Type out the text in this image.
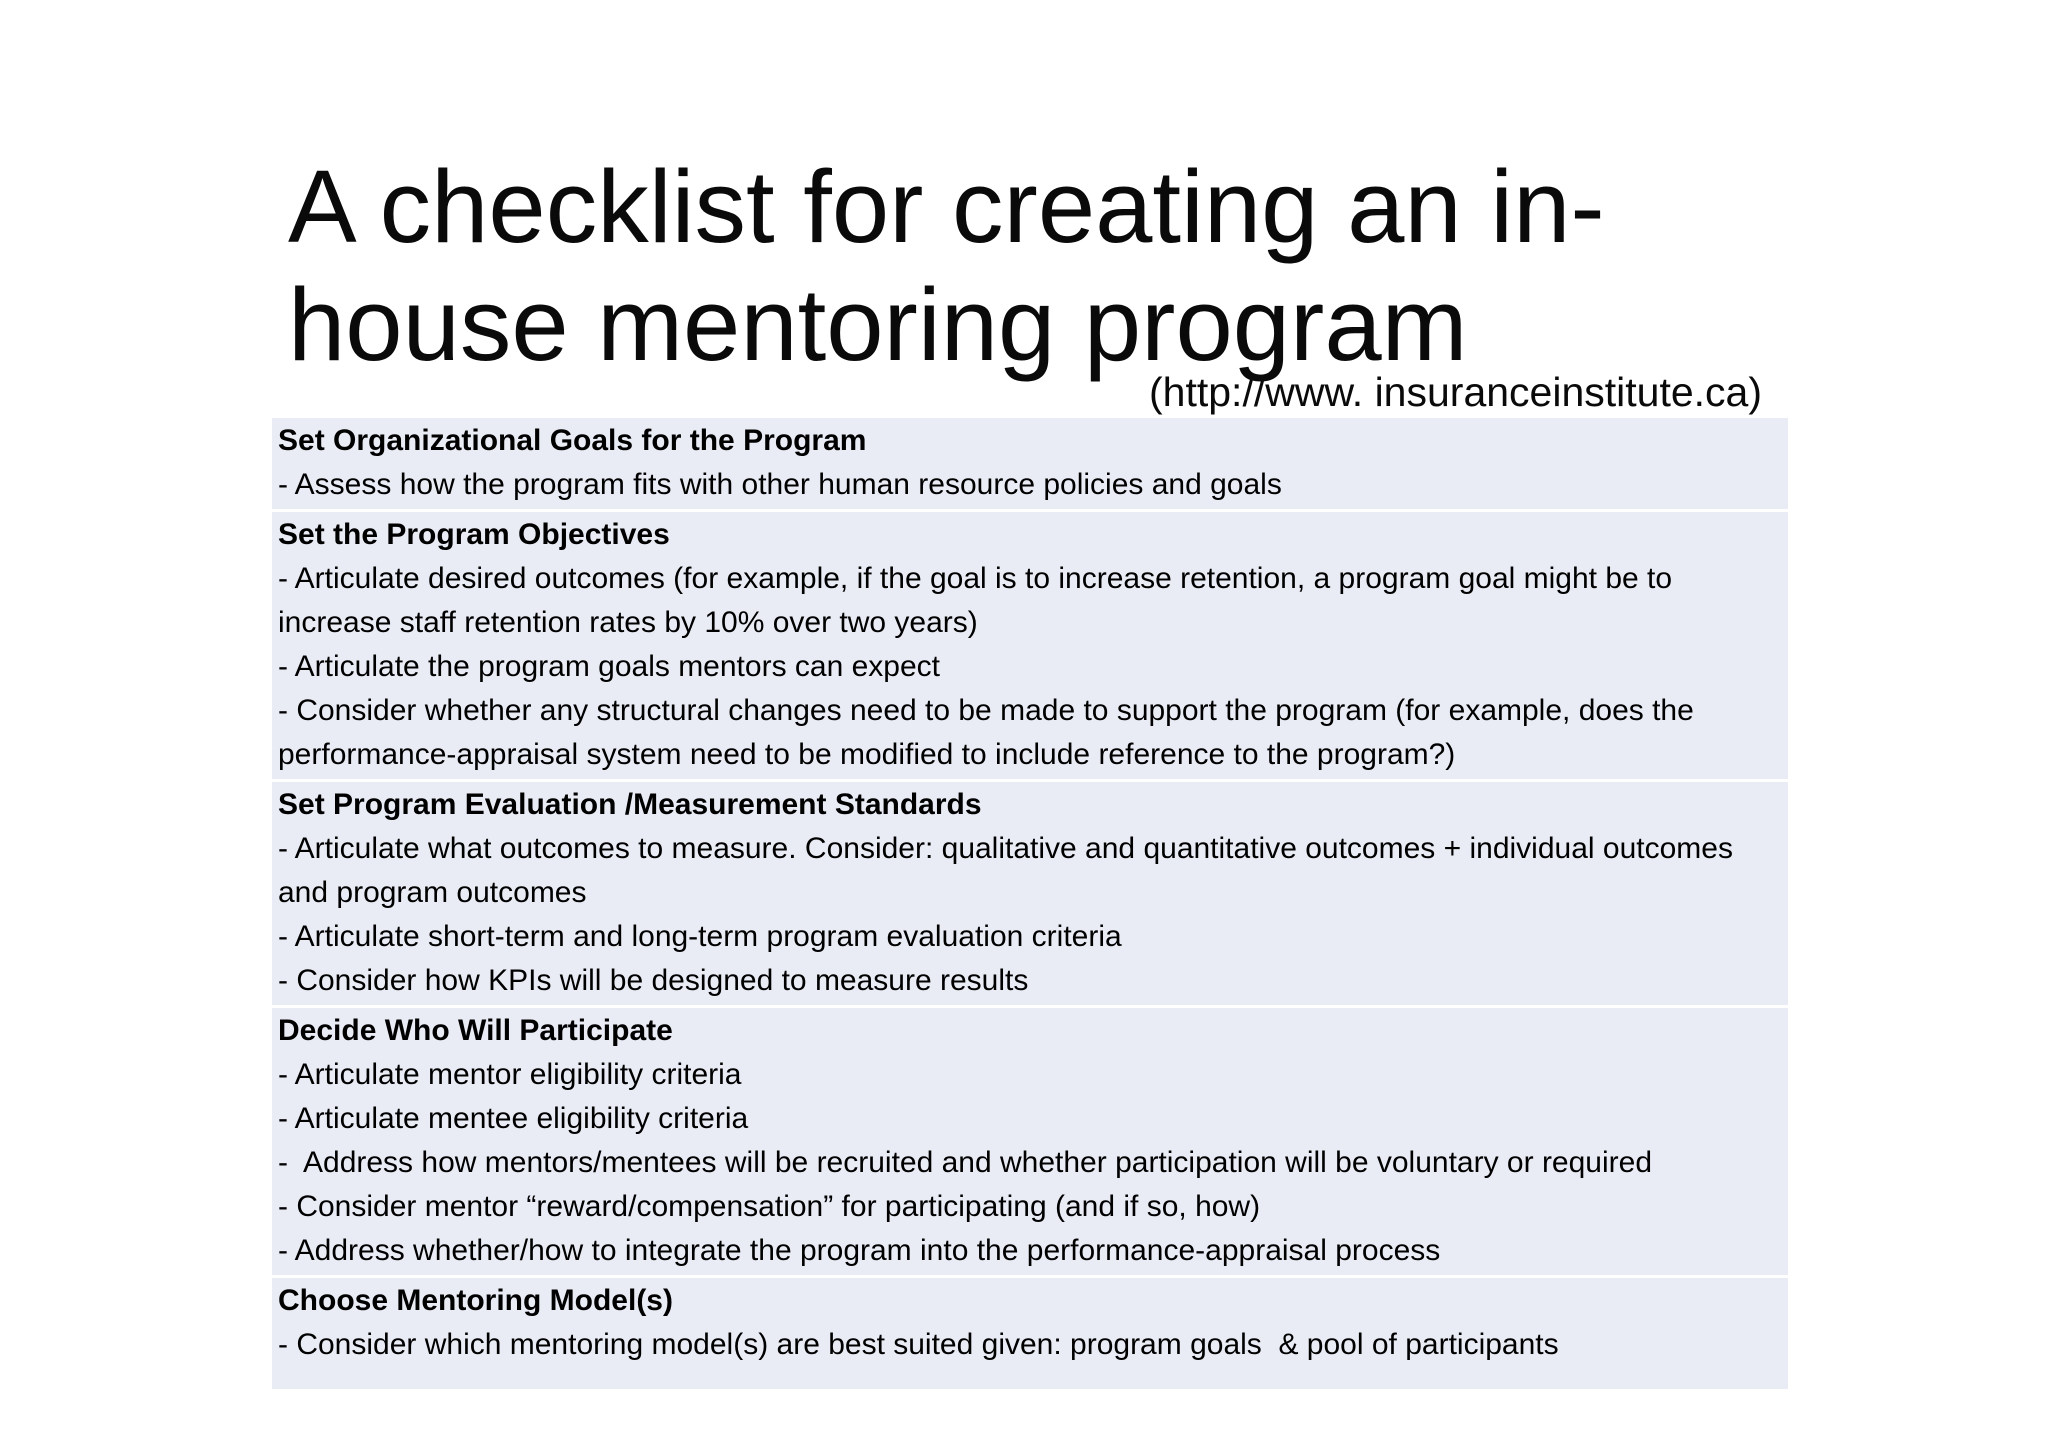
A checklist for creating an in-
house mentoring program
(http://www. insuranceinstitute.ca)
Set Organizational Goals for the Program
- Assess how the program fits with other human resource policies and goals
Set the Program Objectives
- Articulate desired outcomes (for example, if the goal is to increase retention, a program goal might be to increase staff retention rates by 10% over two years)
- Articulate the program goals mentors can expect
- Consider whether any structural changes need to be made to support the program (for example, does the performance-appraisal system need to be modified to include reference to the program?)
Set Program Evaluation /Measurement Standards
- Articulate what outcomes to measure. Consider: qualitative and quantitative outcomes + individual outcomes and program outcomes
- Articulate short-term and long-term program evaluation criteria
- Consider how KPIs will be designed to measure results
Decide Who Will Participate
- Articulate mentor eligibility criteria
- Articulate mentee eligibility criteria
-  Address how mentors/mentees will be recruited and whether participation will be voluntary or required
- Consider mentor “reward/compensation” for participating (and if so, how)
- Address whether/how to integrate the program into the performance-appraisal process
Choose Mentoring Model(s)
- Consider which mentoring model(s) are best suited given: program goals  & pool of participants
